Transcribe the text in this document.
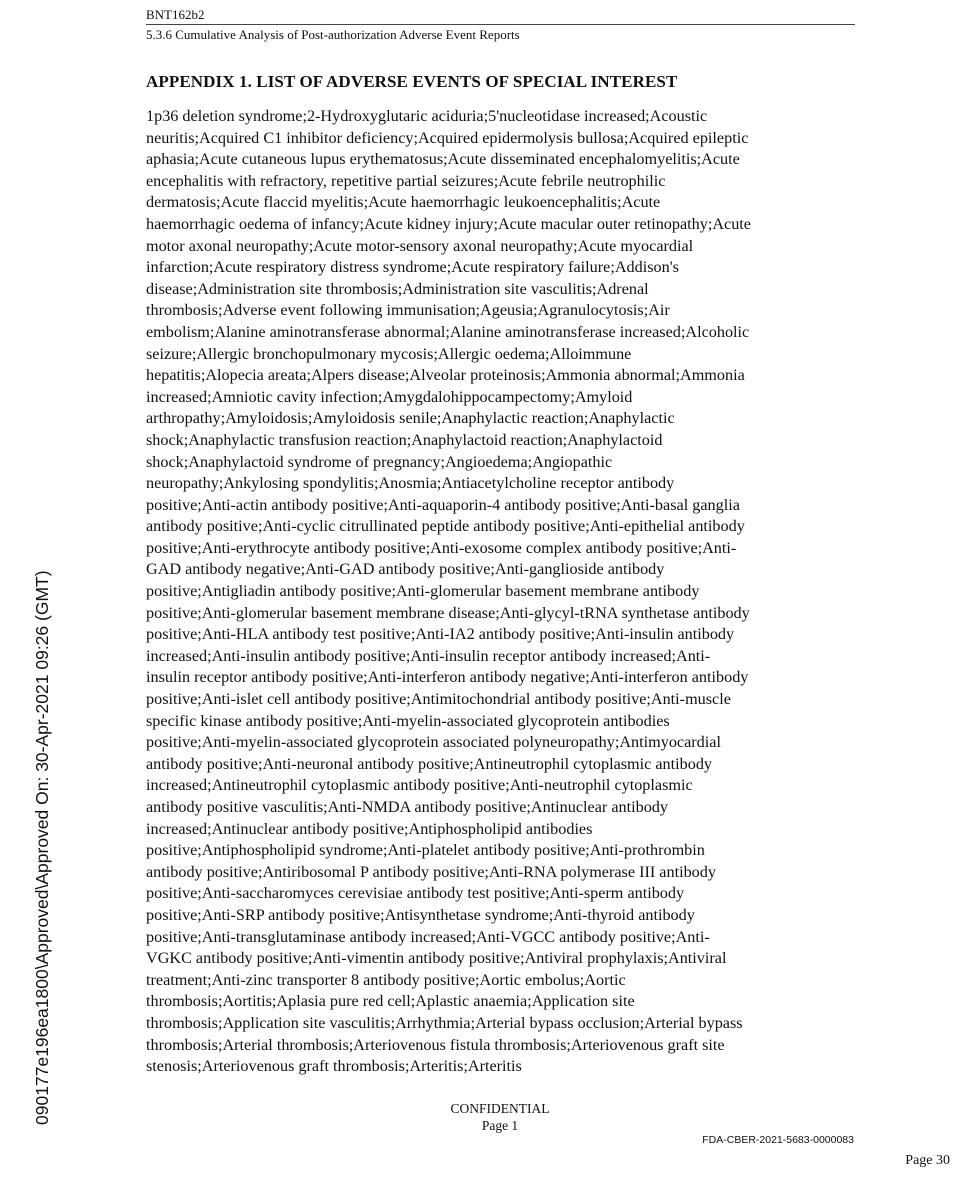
BNT162b2
5.3.6 Cumulative Analysis of Post-authorization Adverse Event Reports
APPENDIX 1. LIST OF ADVERSE EVENTS OF SPECIAL INTEREST
1p36 deletion syndrome;2-Hydroxyglutaric aciduria;5'nucleotidase increased;Acoustic
neuritis;Acquired C1 inhibitor deficiency;Acquired epidermolysis bullosa;Acquired epileptic
aphasia;Acute cutaneous lupus erythematosus;Acute disseminated encephalomyelitis;Acute
encephalitis with refractory, repetitive partial seizures;Acute febrile neutrophilic
dermatosis;Acute flaccid myelitis;Acute haemorrhagic leukoencephalitis;Acute
haemorrhagic oedema of infancy;Acute kidney injury;Acute macular outer retinopathy;Acute
motor axonal neuropathy;Acute motor-sensory axonal neuropathy;Acute myocardial
infarction;Acute respiratory distress syndrome;Acute respiratory failure;Addison's
disease;Administration site thrombosis;Administration site vasculitis;Adrenal
thrombosis;Adverse event following immunisation;Ageusia;Agranulocytosis;Air
embolism;Alanine aminotransferase abnormal;Alanine aminotransferase increased;Alcoholic
seizure;Allergic bronchopulmonary mycosis;Allergic oedema;Alloimmune
hepatitis;Alopecia areata;Alpers disease;Alveolar proteinosis;Ammonia abnormal;Ammonia
increased;Amniotic cavity infection;Amygdalohippocampectomy;Amyloid
arthropathy;Amyloidosis;Amyloidosis senile;Anaphylactic reaction;Anaphylactic
shock;Anaphylactic transfusion reaction;Anaphylactoid reaction;Anaphylactoid
shock;Anaphylactoid syndrome of pregnancy;Angioedema;Angiopathic
neuropathy;Ankylosing spondylitis;Anosmia;Antiacetylcholine receptor antibody
positive;Anti-actin antibody positive;Anti-aquaporin-4 antibody positive;Anti-basal ganglia
antibody positive;Anti-cyclic citrullinated peptide antibody positive;Anti-epithelial antibody
positive;Anti-erythrocyte antibody positive;Anti-exosome complex antibody positive;Anti-
GAD antibody negative;Anti-GAD antibody positive;Anti-ganglioside antibody
positive;Antigliadin antibody positive;Anti-glomerular basement membrane antibody
positive;Anti-glomerular basement membrane disease;Anti-glycyl-tRNA synthetase antibody
positive;Anti-HLA antibody test positive;Anti-IA2 antibody positive;Anti-insulin antibody
increased;Anti-insulin antibody positive;Anti-insulin receptor antibody increased;Anti-
insulin receptor antibody positive;Anti-interferon antibody negative;Anti-interferon antibody
positive;Anti-islet cell antibody positive;Antimitochondrial antibody positive;Anti-muscle
specific kinase antibody positive;Anti-myelin-associated glycoprotein antibodies
positive;Anti-myelin-associated glycoprotein associated polyneuropathy;Antimyocardial
antibody positive;Anti-neuronal antibody positive;Antineutrophil cytoplasmic antibody
increased;Antineutrophil cytoplasmic antibody positive;Anti-neutrophil cytoplasmic
antibody positive vasculitis;Anti-NMDA antibody positive;Antinuclear antibody
increased;Antinuclear antibody positive;Antiphospholipid antibodies
positive;Antiphospholipid syndrome;Anti-platelet antibody positive;Anti-prothrombin
antibody positive;Antiribosomal P antibody positive;Anti-RNA polymerase III antibody
positive;Anti-saccharomyces cerevisiae antibody test positive;Anti-sperm antibody
positive;Anti-SRP antibody positive;Antisynthetase syndrome;Anti-thyroid antibody
positive;Anti-transglutaminase antibody increased;Anti-VGCC antibody positive;Anti-
VGKC antibody positive;Anti-vimentin antibody positive;Antiviral prophylaxis;Antiviral
treatment;Anti-zinc transporter 8 antibody positive;Aortic embolus;Aortic
thrombosis;Aortitis;Aplasia pure red cell;Aplastic anaemia;Application site
thrombosis;Application site vasculitis;Arrhythmia;Arterial bypass occlusion;Arterial bypass
thrombosis;Arterial thrombosis;Arteriovenous fistula thrombosis;Arteriovenous graft site
stenosis;Arteriovenous graft thrombosis;Arteritis;Arteritis
CONFIDENTIAL
Page 1
FDA-CBER-2021-5683-0000083
Page 30
090177e196ea1800\Approved\Approved On: 30-Apr-2021 09:26 (GMT)
